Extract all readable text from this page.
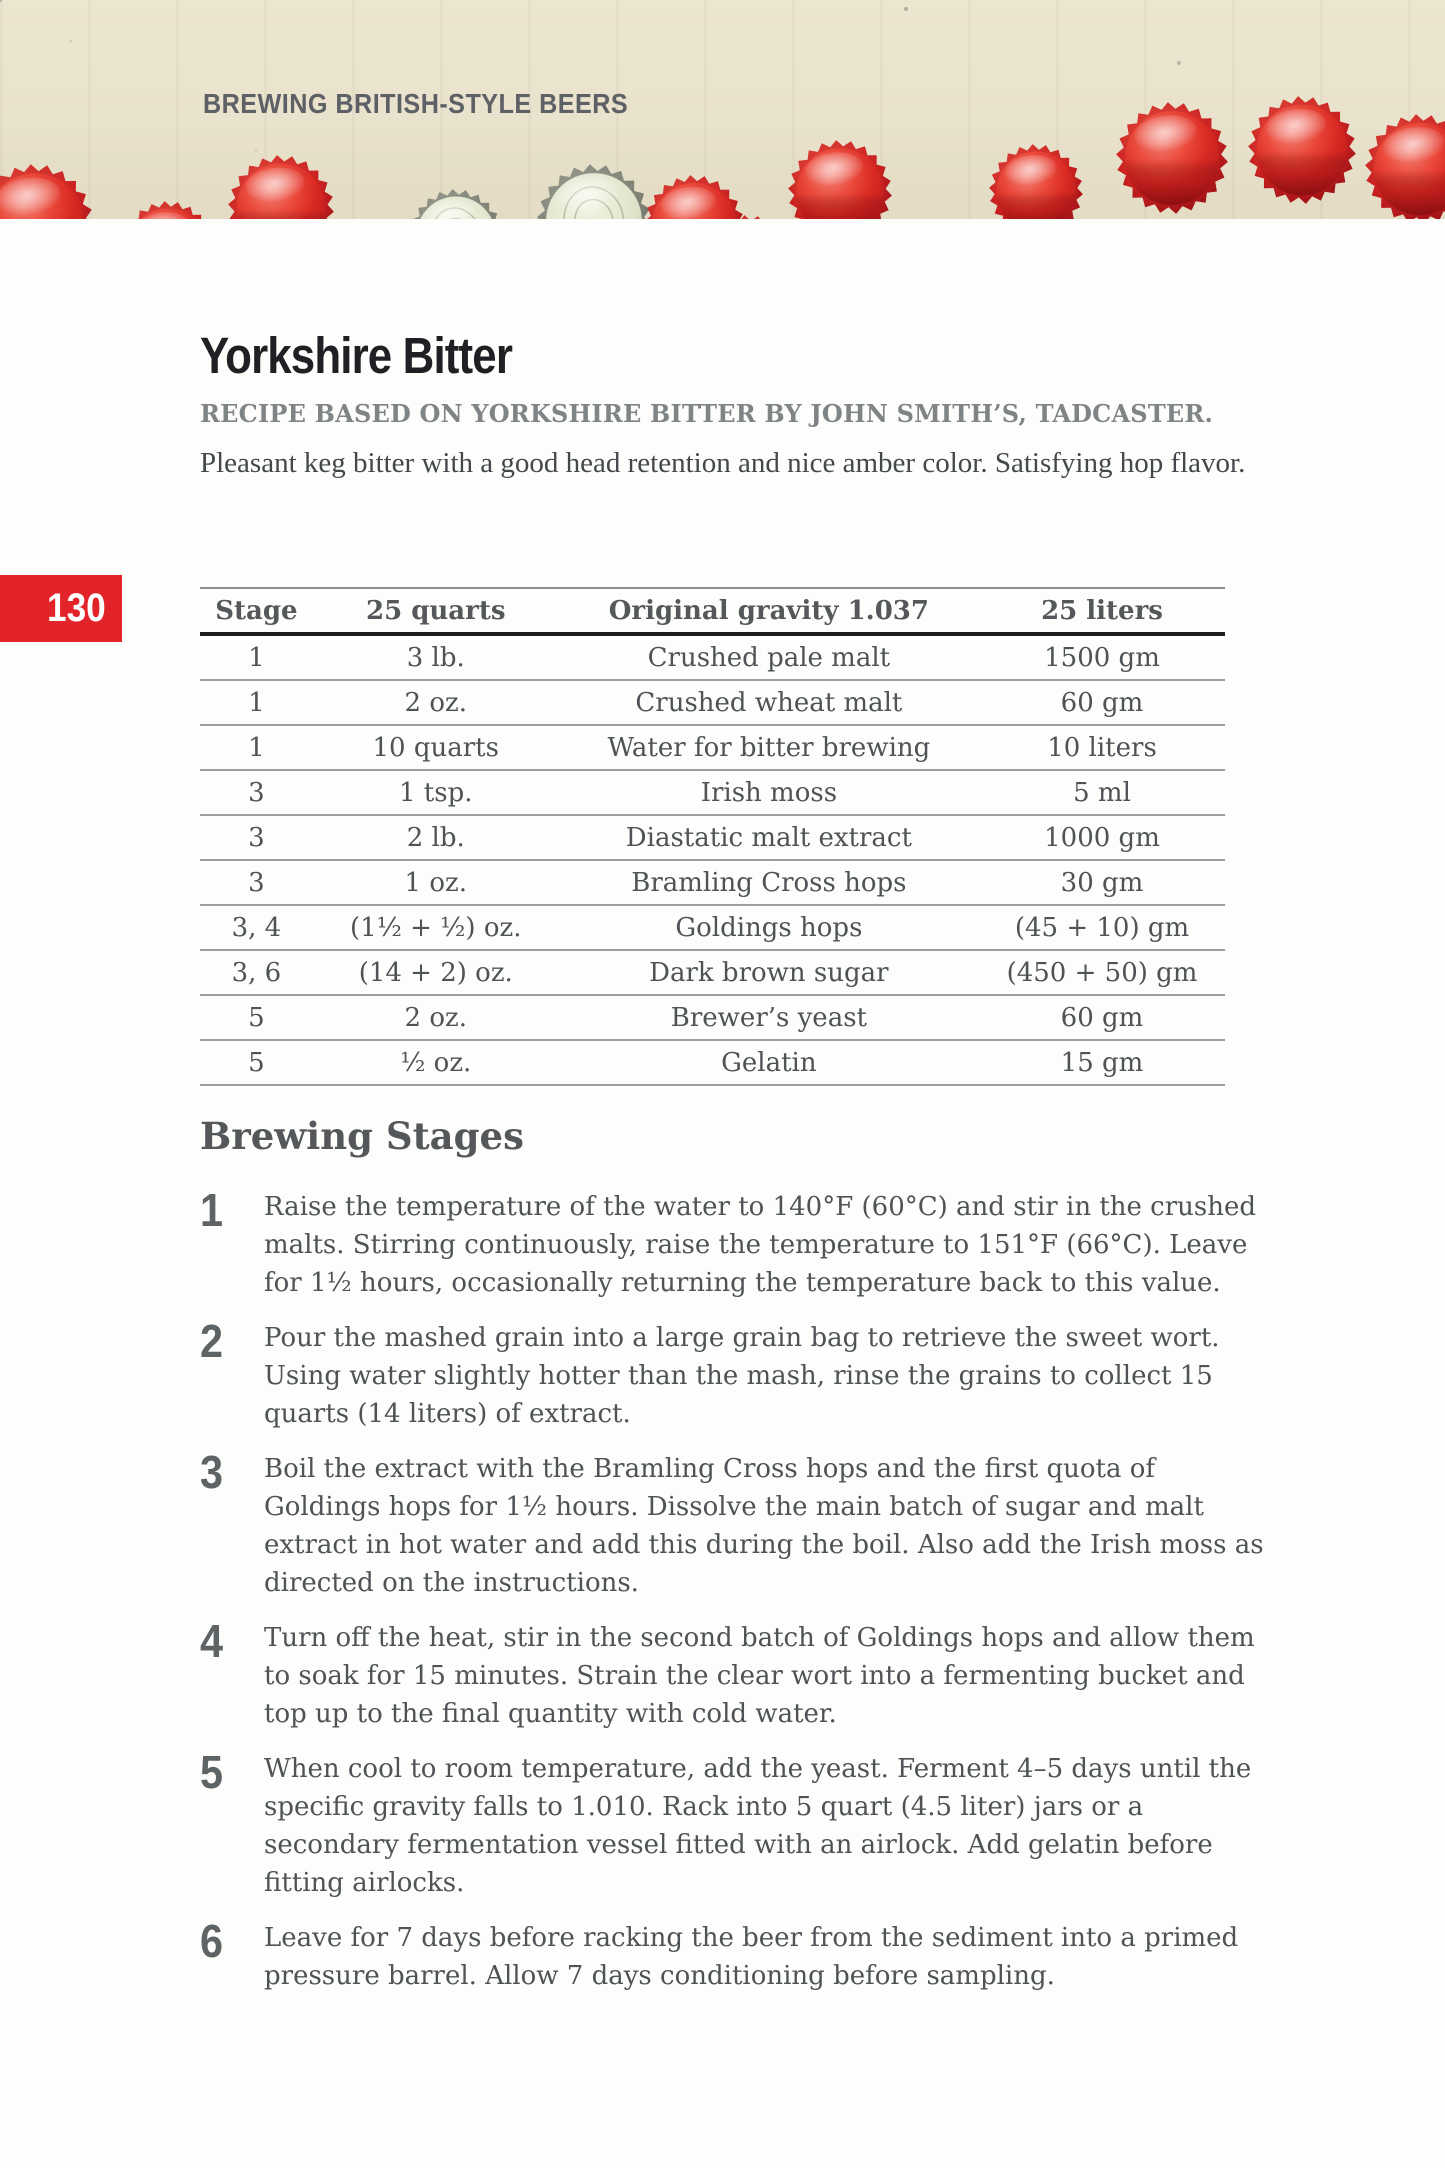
BREWING BRITISH-STYLE BEERS
130
Yorkshire Bitter
RECIPE BASED ON YORKSHIRE BITTER BY JOHN SMITH’S, TADCASTER.

Pleasant keg bitter with a good head retention and nice amber color. Satisfying hop flavor.

Stage	25 quarts	Original gravity 1.037	25 liters
1	3 lb.	Crushed pale malt	1500 gm
1	2 oz.	Crushed wheat malt	60 gm
1	10 quarts	Water for bitter brewing	10 liters
3	1 tsp.	Irish moss	5 ml
3	2 lb.	Diastatic malt extract	1000 gm
3	1 oz.	Bramling Cross hops	30 gm
3, 4	(1½ + ½) oz.	Goldings hops	(45 + 10) gm
3, 6	(14 + 2) oz.	Dark brown sugar	(450 + 50) gm
5	2 oz.	Brewer’s yeast	60 gm
5	½ oz.	Gelatin	15 gm
Brewing Stages
1 Raise the temperature of the water to 140°F (60°C) and stir in the crushed malts. Stirring continuously, raise the temperature to 151°F (66°C). Leave for 1½ hours, occasionally returning the temperature back to this value.

2 Pour the mashed grain into a large grain bag to retrieve the sweet wort. Using water slightly hotter than the mash, rinse the grains to collect 15 quarts (14 liters) of extract.

3 Boil the extract with the Bramling Cross hops and the first quota of Goldings hops for 1½ hours. Dissolve the main batch of sugar and malt extract in hot water and add this during the boil. Also add the Irish moss as directed on the instructions.

4 Turn off the heat, stir in the second batch of Goldings hops and allow them to soak for 15 minutes. Strain the clear wort into a fermenting bucket and top up to the final quantity with cold water.

5 When cool to room temperature, add the yeast. Ferment 4–5 days until the specific gravity falls to 1.010. Rack into 5 quart (4.5 liter) jars or a secondary fermentation vessel fitted with an airlock. Add gelatin before fitting airlocks.

6 Leave for 7 days before racking the beer from the sediment into a primed pressure barrel. Allow 7 days conditioning before sampling.
